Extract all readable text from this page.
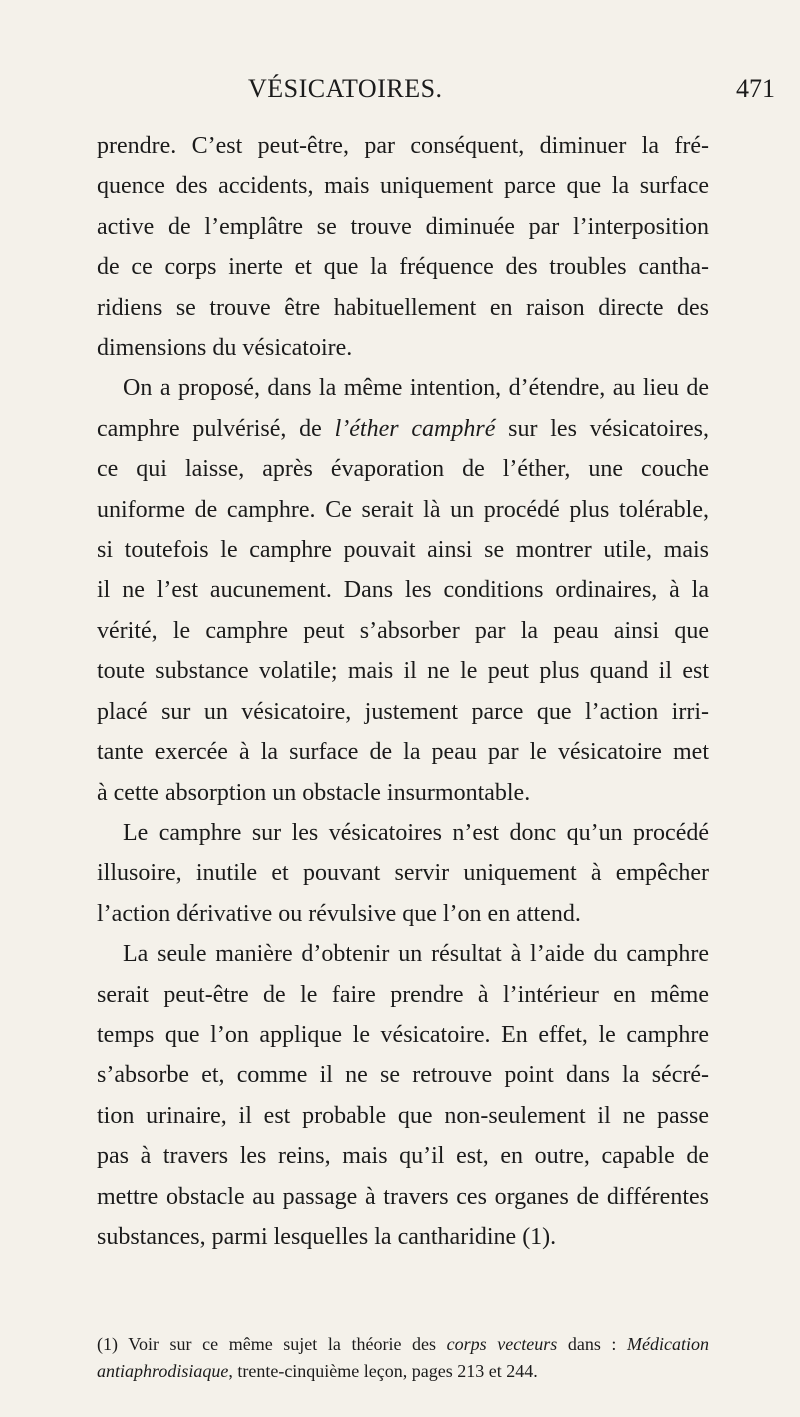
VÉSICATOIRES.	471
prendre. C’est peut-être, par conséquent, diminuer la fré-
quence des accidents, mais uniquement parce que la surface
active de l’emplâtre se trouve diminuée par l’interposition
de ce corps inerte et que la fréquence des troubles cantha-
ridiens se trouve être habituellement en raison directe des
dimensions du vésicatoire.
On a proposé, dans la même intention, d’étendre, au lieu de
camphre pulvérisé, de l’éther camphré sur les vésicatoires,
ce qui laisse, après évaporation de l’éther, une couche
uniforme de camphre. Ce serait là un procédé plus tolérable,
si toutefois le camphre pouvait ainsi se montrer utile, mais
il ne l’est aucunement. Dans les conditions ordinaires, à la
vérité, le camphre peut s’absorber par la peau ainsi que
toute substance volatile; mais il ne le peut plus quand il est
placé sur un vésicatoire, justement parce que l’action irri-
tante exercée à la surface de la peau par le vésicatoire met
à cette absorption un obstacle insurmontable.
Le camphre sur les vésicatoires n’est donc qu’un procédé
illusoire, inutile et pouvant servir uniquement à empêcher
l’action dérivative ou révulsive que l’on en attend.
La seule manière d’obtenir un résultat à l’aide du camphre
serait peut-être de le faire prendre à l’intérieur en même
temps que l’on applique le vésicatoire. En effet, le camphre
s’absorbe et, comme il ne se retrouve point dans la sécré-
tion urinaire, il est probable que non-seulement il ne passe
pas à travers les reins, mais qu’il est, en outre, capable de
mettre obstacle au passage à travers ces organes de différentes
substances, parmi lesquelles la cantharidine (1).
(1) Voir sur ce même sujet la théorie des corps vecteurs dans : Médication
antiaphrodisiaque, trente-cinquième leçon, pages 213 et 244.
